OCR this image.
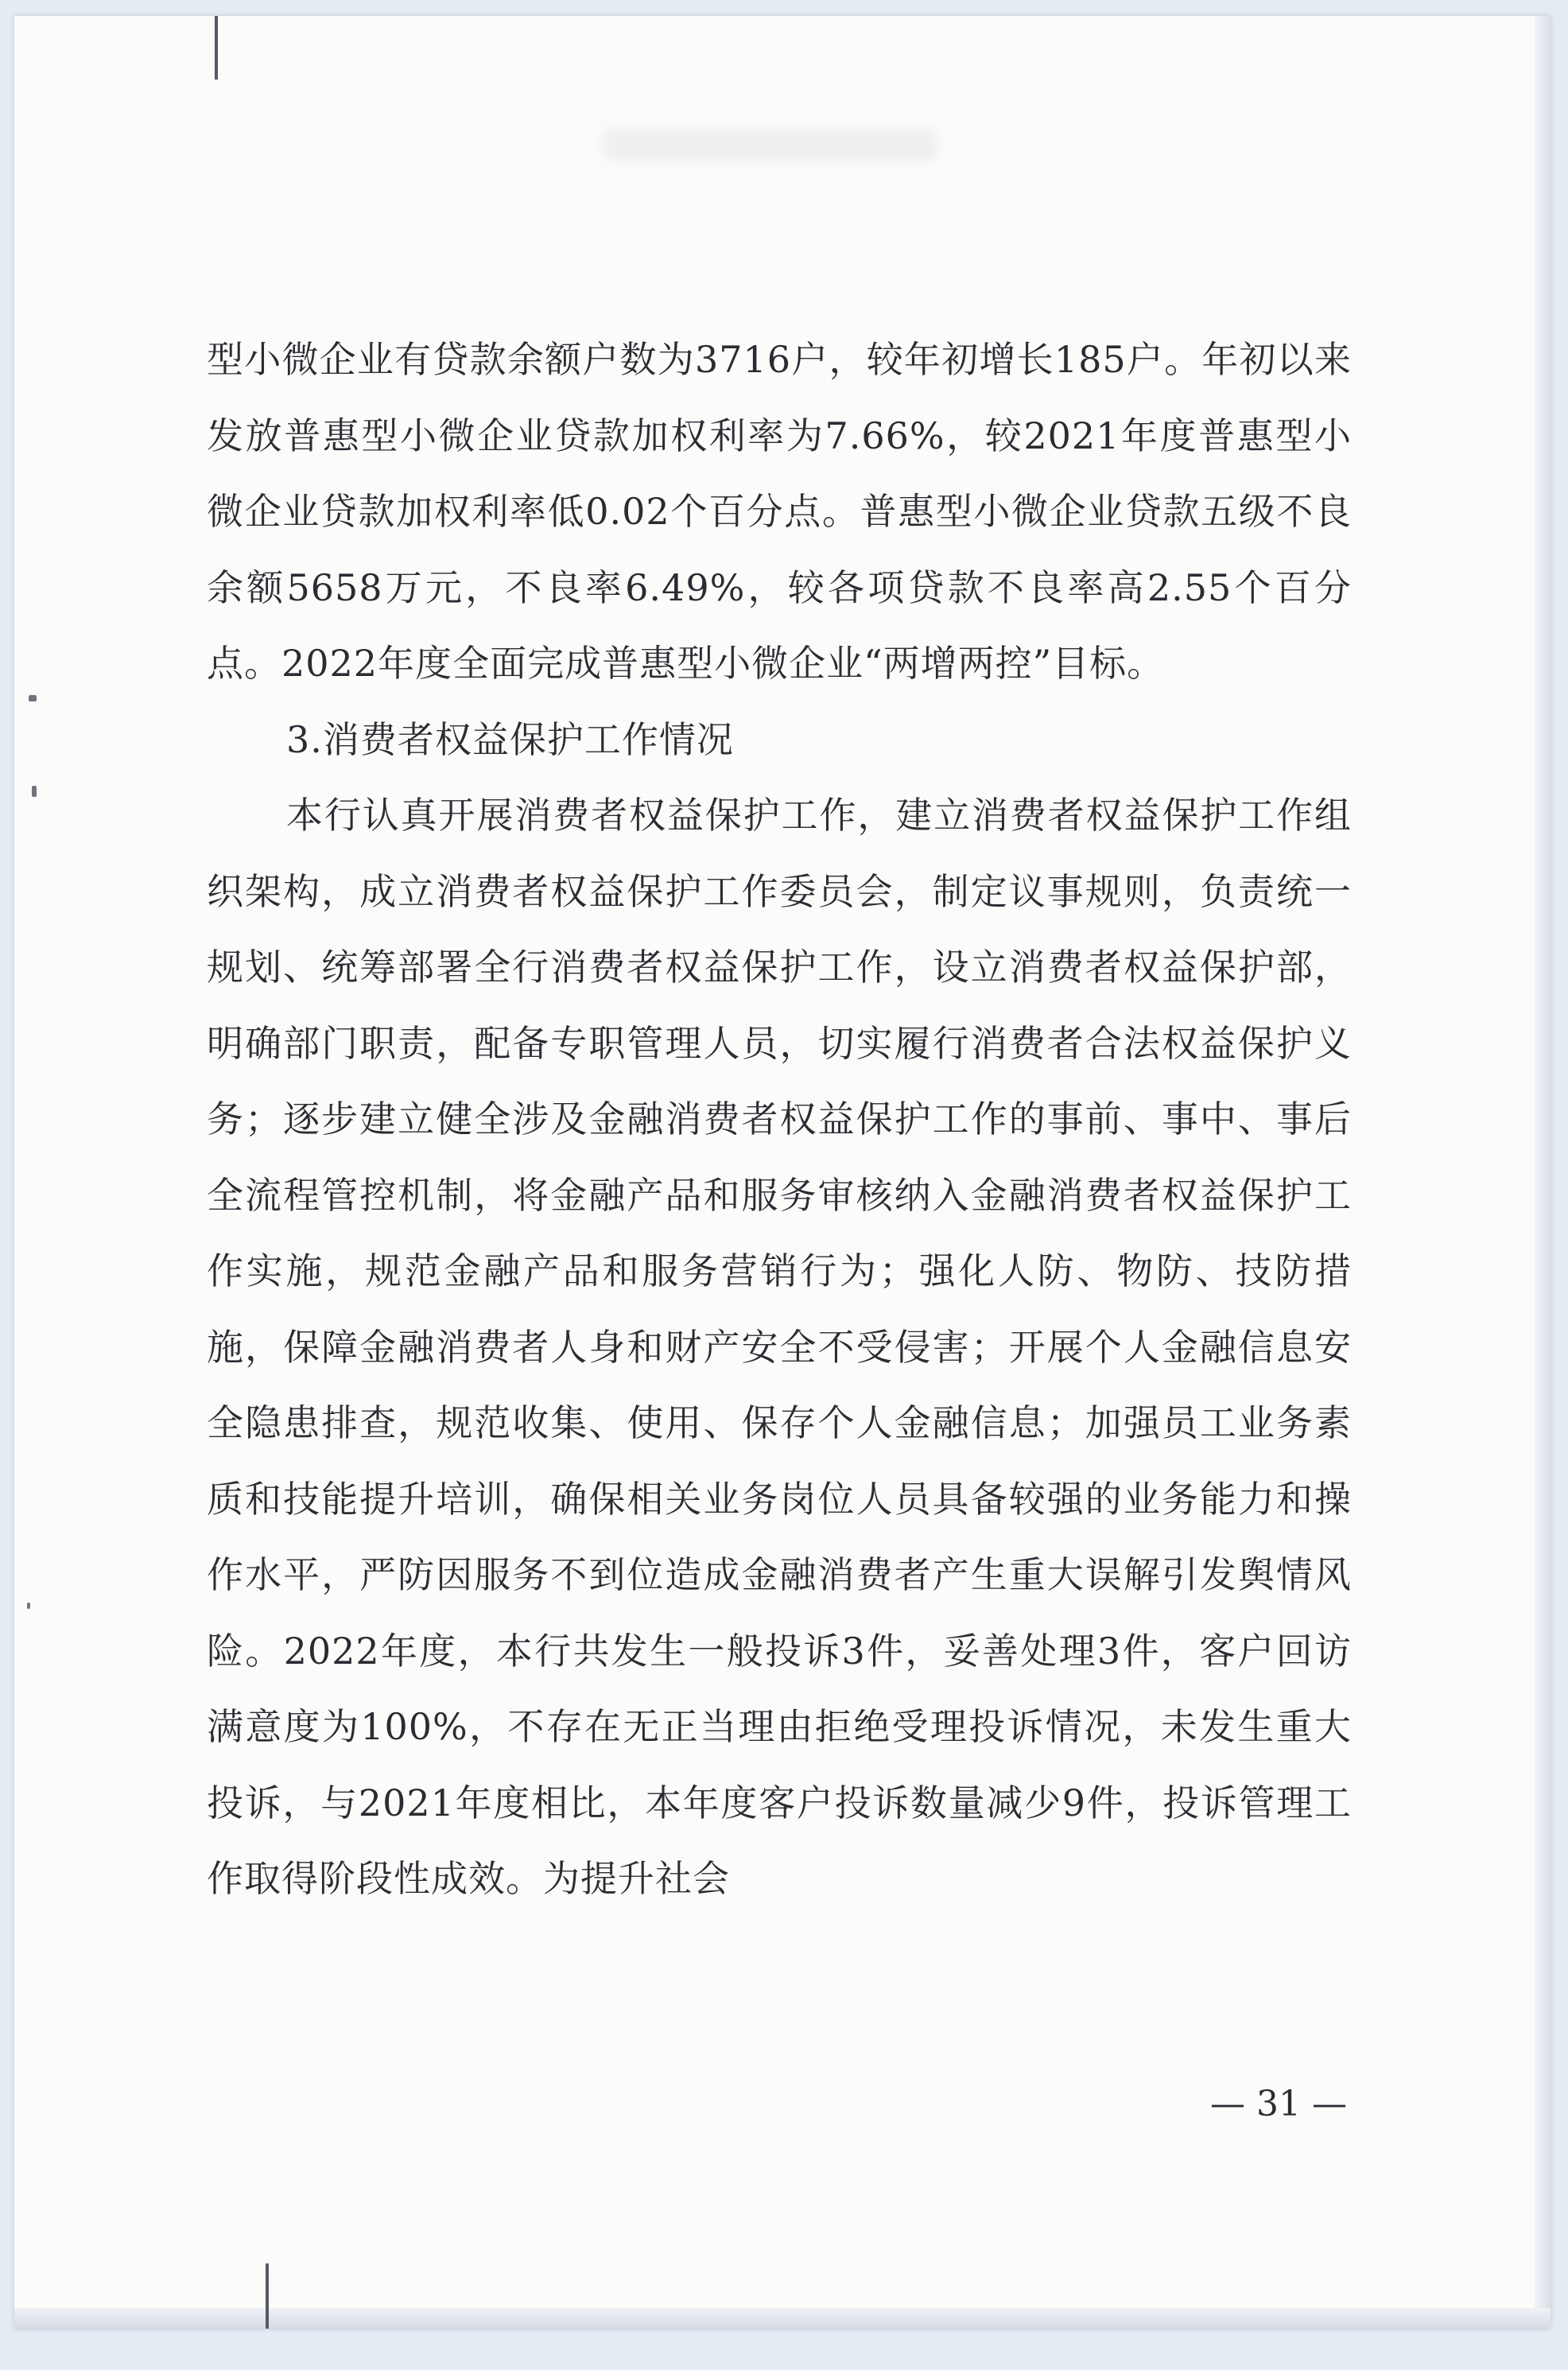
型小微企业有贷款余额户数为3716户，较年初增长185户。年初以来发放普惠型小微企业贷款加权利率为7.66%，较2021年度普惠型小微企业贷款加权利率低0.02个百分点。普惠型小微企业贷款五级不良余额5658万元，不良率6.49%，较各项贷款不良率高2.55个百分点。2022年度全面完成普惠型小微企业“两增两控”目标。

3.消费者权益保护工作情况

本行认真开展消费者权益保护工作，建立消费者权益保护工作组织架构，成立消费者权益保护工作委员会，制定议事规则，负责统一规划、统筹部署全行消费者权益保护工作，设立消费者权益保护部，明确部门职责，配备专职管理人员，切实履行消费者合法权益保护义务；逐步建立健全涉及金融消费者权益保护工作的事前、事中、事后全流程管控机制，将金融产品和服务审核纳入金融消费者权益保护工作实施，规范金融产品和服务营销行为；强化人防、物防、技防措施，保障金融消费者人身和财产安全不受侵害；开展个人金融信息安全隐患排查，规范收集、使用、保存个人金融信息；加强员工业务素质和技能提升培训，确保相关业务岗位人员具备较强的业务能力和操作水平，严防因服务不到位造成金融消费者产生重大误解引发舆情风险。2022年度，本行共发生一般投诉3件，妥善处理3件，客户回访满意度为100%，不存在无正当理由拒绝受理投诉情况，未发生重大投诉，与2021年度相比，本年度客户投诉数量减少9件，投诉管理工作取得阶段性成效。为提升社会

— 31 —
